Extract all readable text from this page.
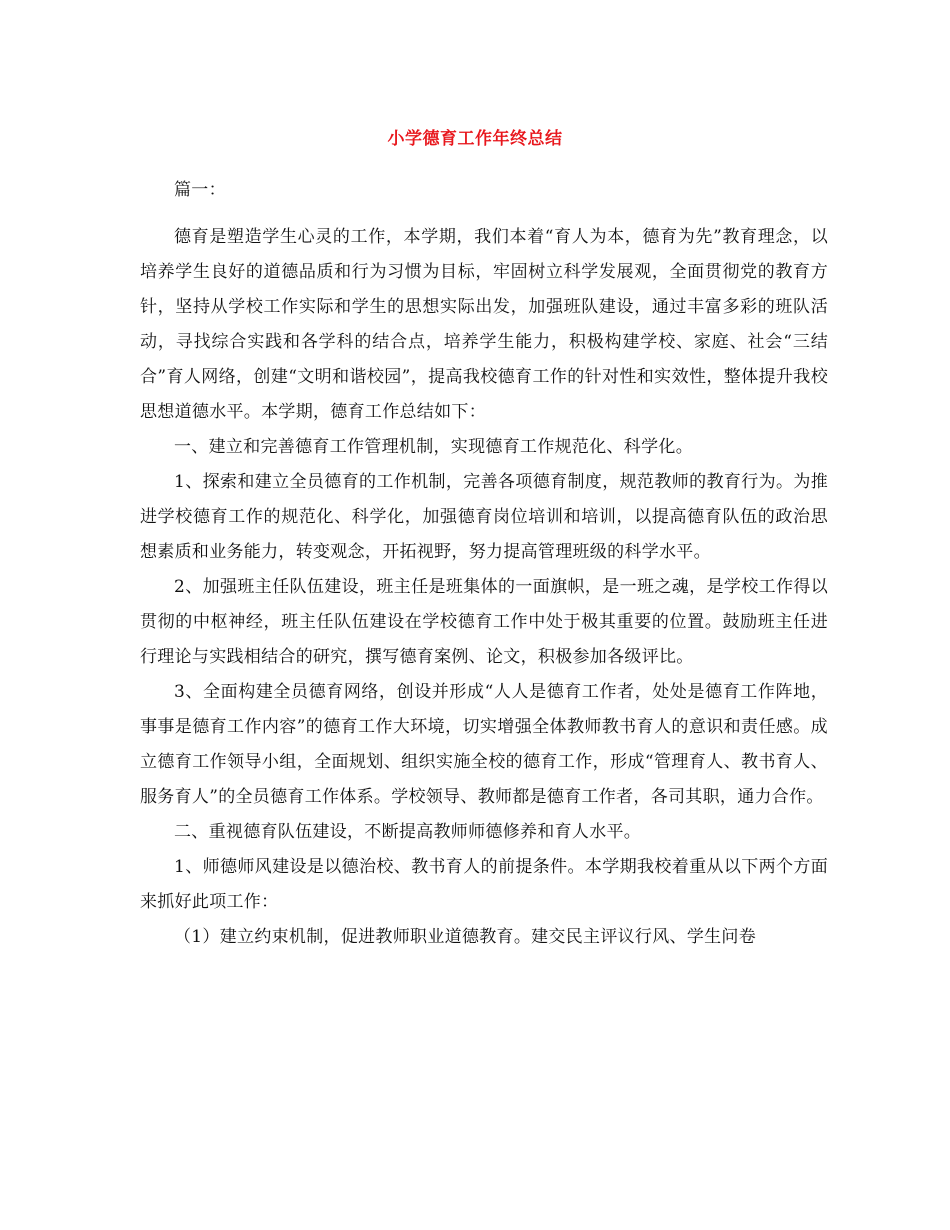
小学德育工作年终总结

篇一：

德育是塑造学生心灵的工作，本学期，我们本着“育人为本，德育为先”教育理念，以培养学生良好的道德品质和行为习惯为目标，牢固树立科学发展观，全面贯彻党的教育方针，坚持从学校工作实际和学生的思想实际出发，加强班队建设，通过丰富多彩的班队活动，寻找综合实践和各学科的结合点，培养学生能力，积极构建学校、家庭、社会“三结合”育人网络，创建“文明和谐校园”，提高我校德育工作的针对性和实效性，整体提升我校思想道德水平。本学期，德育工作总结如下：

一、建立和完善德育工作管理机制，实现德育工作规范化、科学化。

1、探索和建立全员德育的工作机制，完善各项德育制度，规范教师的教育行为。为推进学校德育工作的规范化、科学化，加强德育岗位培训和培训，以提高德育队伍的政治思想素质和业务能力，转变观念，开拓视野，努力提高管理班级的科学水平。

2、加强班主任队伍建设，班主任是班集体的一面旗帜，是一班之魂，是学校工作得以贯彻的中枢神经，班主任队伍建设在学校德育工作中处于极其重要的位置。鼓励班主任进行理论与实践相结合的研究，撰写德育案例、论文，积极参加各级评比。

3、全面构建全员德育网络，创设并形成“人人是德育工作者，处处是德育工作阵地，事事是德育工作内容”的德育工作大环境，切实增强全体教师教书育人的意识和责任感。成立德育工作领导小组，全面规划、组织实施全校的德育工作，形成“管理育人、教书育人、服务育人”的全员德育工作体系。学校领导、教师都是德育工作者，各司其职，通力合作。

二、重视德育队伍建设，不断提高教师师德修养和育人水平。

1、师德师风建设是以德治校、教书育人的前提条件。本学期我校着重从以下两个方面来抓好此项工作：

（1）建立约束机制，促进教师职业道德教育。建交民主评议行风、学生问卷
